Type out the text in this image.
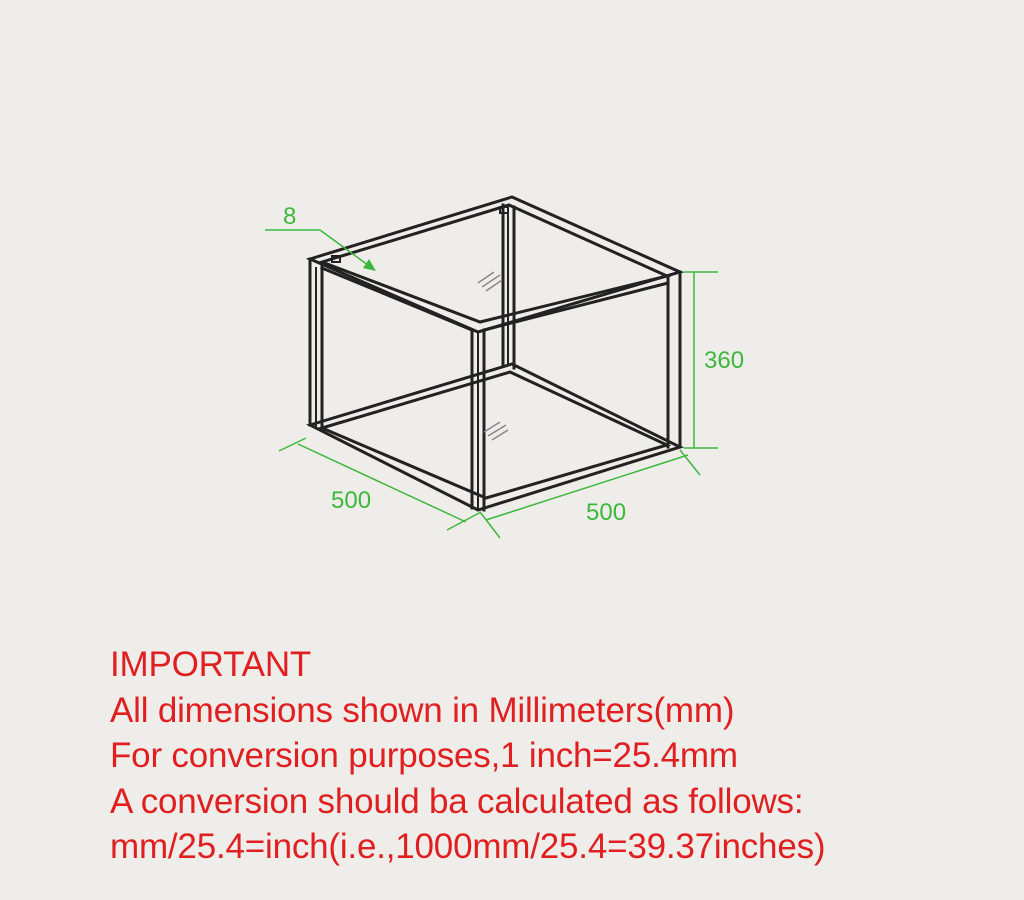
8
360
500	500
IMPORTANT
All dimensions shown in Millimeters(mm)
For conversion purposes,1 inch=25.4mm
A conversion should ba calculated as follows:
mm/25.4=inch(i.e.,1000mm/25.4=39.37inches)
